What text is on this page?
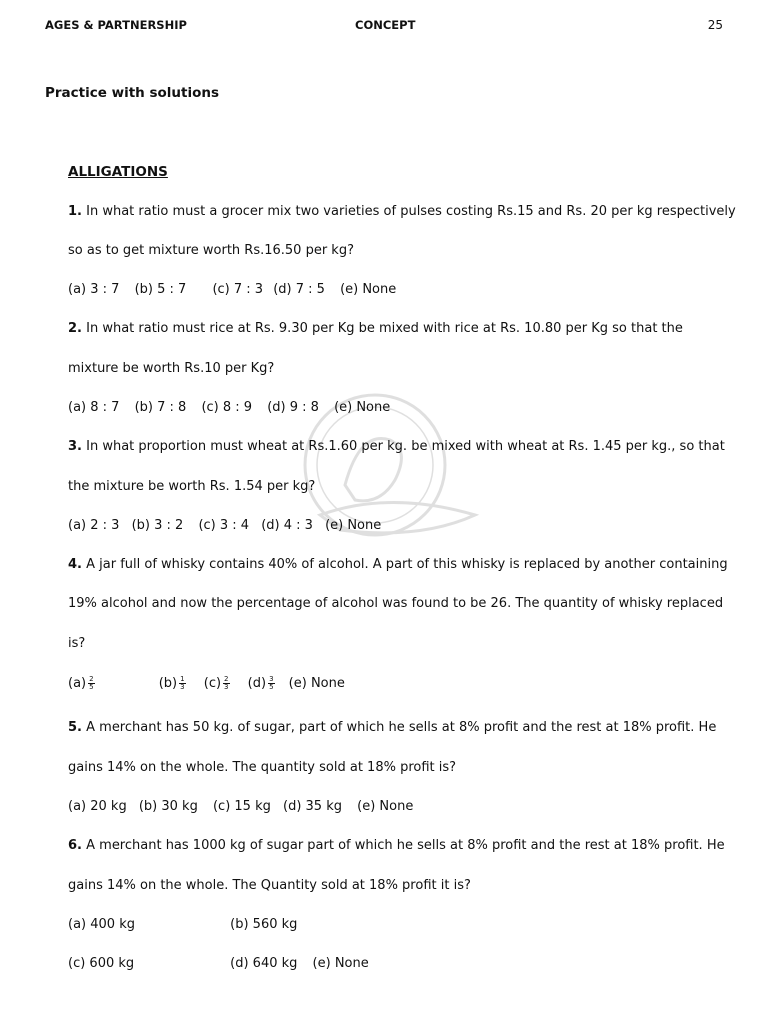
AGES & PARTNERSHIP	CONCEPT	25
Practice with solutions
ALLIGATIONS
1. In what ratio must a grocer mix two varieties of pulses costing Rs.15 and Rs. 20 per kg respectively
so as to get mixture worth Rs.16.50 per kg?
(a) 3 : 7 (b) 5 : 7 (c) 7 : 3 (d) 7 : 5 (e) None
2. In what ratio must rice at Rs. 9.30 per Kg be mixed with rice at Rs. 10.80 per Kg so that the
mixture be worth Rs.10 per Kg?
(a) 8 : 7 (b) 7 : 8 (c) 8 : 9 (d) 9 : 8 (e) None
3. In what proportion must wheat at Rs.1.60 per kg. be mixed with wheat at Rs. 1.45 per kg., so that
the mixture be worth Rs. 1.54 per kg?
(a) 2 : 3 (b) 3 : 2 (c) 3 : 4 (d) 4 : 3 (e) None
4. A jar full of whisky contains 40% of alcohol. A part of this whisky is replaced by another containing
19% alcohol and now the percentage of alcohol was found to be 26. The quantity of whisky replaced
is?
$(a) \frac{2}{5}$	$(b) \frac{1}{3} (c) \frac{2}{3} (d) \frac{3}{5} (e)$ None
5. A merchant has 50 kg. of sugar, part of which he sells at 8% profit and the rest at 18% profit. He
gains 14% on the whole. The quantity sold at 18% profit is?
(a) 20 kg (b) 30 kg (c) 15 kg (d) 35 kg (e) None
6. A merchant has 1000 kg of sugar part of which he sells at 8% profit and the rest at 18% profit. He
gains 14% on the whole. The Quantity sold at 18% profit it is?
(a) 400 kg	(b) 560 kg
(c) 600 kg	(d) 640 kg (e) None
